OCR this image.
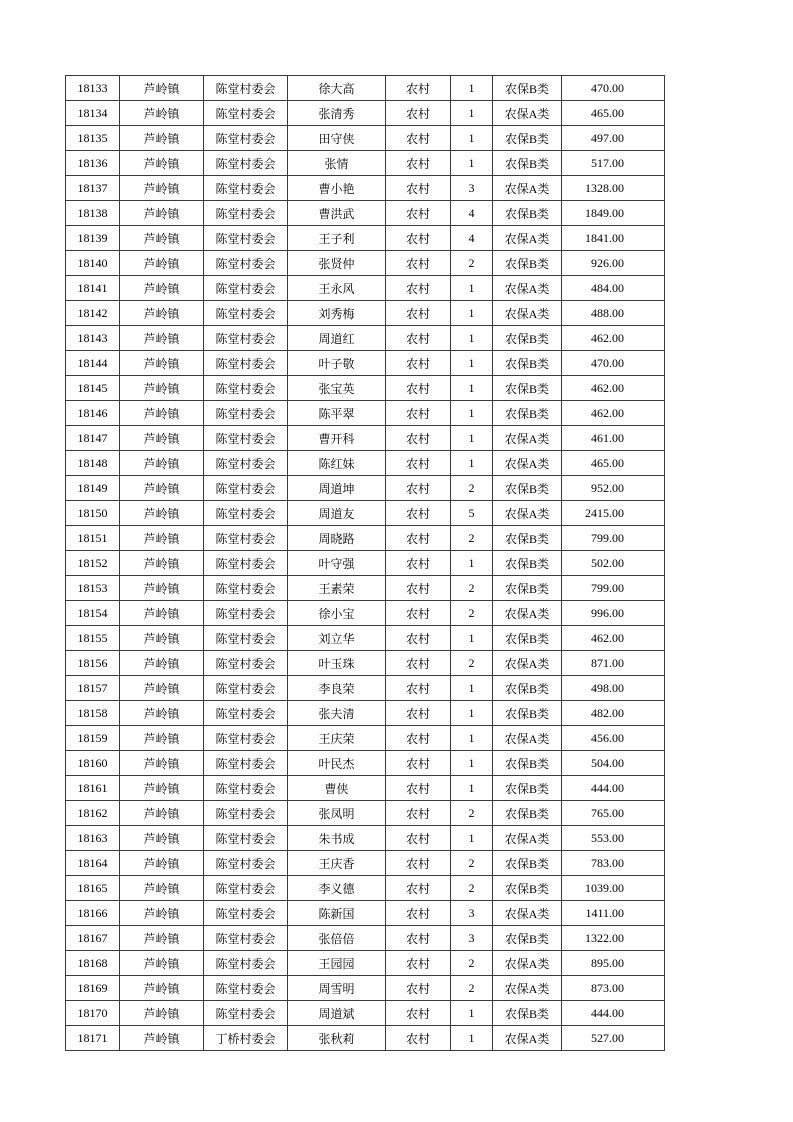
18133	芦岭镇	陈堂村委会	徐大高	农村	1	农保B类	470.00
18134	芦岭镇	陈堂村委会	张清秀	农村	1	农保A类	465.00
18135	芦岭镇	陈堂村委会	田守侠	农村	1	农保B类	497.00
18136	芦岭镇	陈堂村委会	张情	农村	1	农保B类	517.00
18137	芦岭镇	陈堂村委会	曹小艳	农村	3	农保A类	1328.00
18138	芦岭镇	陈堂村委会	曹洪武	农村	4	农保B类	1849.00
18139	芦岭镇	陈堂村委会	王子利	农村	4	农保A类	1841.00
18140	芦岭镇	陈堂村委会	张贤仲	农村	2	农保B类	926.00
18141	芦岭镇	陈堂村委会	王永风	农村	1	农保A类	484.00
18142	芦岭镇	陈堂村委会	刘秀梅	农村	1	农保A类	488.00
18143	芦岭镇	陈堂村委会	周道红	农村	1	农保B类	462.00
18144	芦岭镇	陈堂村委会	叶子敬	农村	1	农保B类	470.00
18145	芦岭镇	陈堂村委会	张宝英	农村	1	农保B类	462.00
18146	芦岭镇	陈堂村委会	陈平翠	农村	1	农保B类	462.00
18147	芦岭镇	陈堂村委会	曹开科	农村	1	农保A类	461.00
18148	芦岭镇	陈堂村委会	陈红妹	农村	1	农保A类	465.00
18149	芦岭镇	陈堂村委会	周道坤	农村	2	农保B类	952.00
18150	芦岭镇	陈堂村委会	周道友	农村	5	农保A类	2415.00
18151	芦岭镇	陈堂村委会	周晓路	农村	2	农保B类	799.00
18152	芦岭镇	陈堂村委会	叶守强	农村	1	农保B类	502.00
18153	芦岭镇	陈堂村委会	王素荣	农村	2	农保B类	799.00
18154	芦岭镇	陈堂村委会	徐小宝	农村	2	农保A类	996.00
18155	芦岭镇	陈堂村委会	刘立华	农村	1	农保B类	462.00
18156	芦岭镇	陈堂村委会	叶玉珠	农村	2	农保A类	871.00
18157	芦岭镇	陈堂村委会	李良荣	农村	1	农保B类	498.00
18158	芦岭镇	陈堂村委会	张夫清	农村	1	农保B类	482.00
18159	芦岭镇	陈堂村委会	王庆荣	农村	1	农保A类	456.00
18160	芦岭镇	陈堂村委会	叶民杰	农村	1	农保B类	504.00
18161	芦岭镇	陈堂村委会	曹侠	农村	1	农保B类	444.00
18162	芦岭镇	陈堂村委会	张凤明	农村	2	农保B类	765.00
18163	芦岭镇	陈堂村委会	朱书成	农村	1	农保A类	553.00
18164	芦岭镇	陈堂村委会	王庆香	农村	2	农保B类	783.00
18165	芦岭镇	陈堂村委会	李义德	农村	2	农保B类	1039.00
18166	芦岭镇	陈堂村委会	陈新国	农村	3	农保A类	1411.00
18167	芦岭镇	陈堂村委会	张倍倍	农村	3	农保B类	1322.00
18168	芦岭镇	陈堂村委会	王园园	农村	2	农保A类	895.00
18169	芦岭镇	陈堂村委会	周雪明	农村	2	农保A类	873.00
18170	芦岭镇	陈堂村委会	周道斌	农村	1	农保B类	444.00
18171	芦岭镇	丁桥村委会	张秋莉	农村	1	农保A类	527.00
